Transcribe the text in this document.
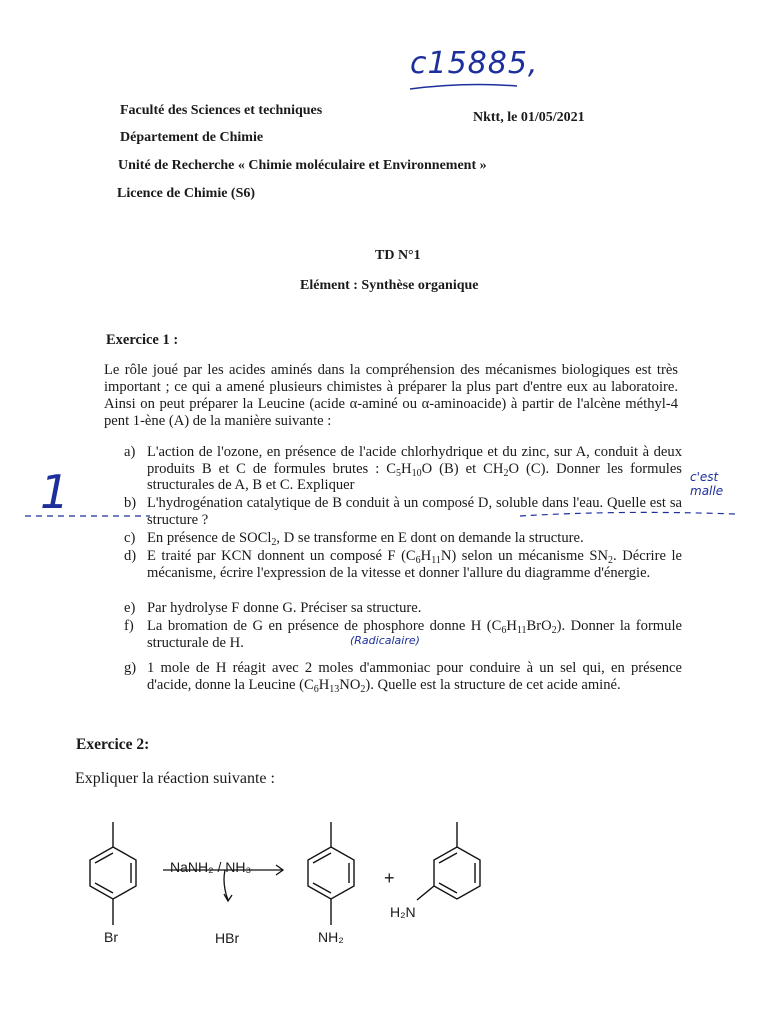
c15885,
Faculté des Sciences et techniques	Nktt, le 01/05/2021
Département de Chimie
Unité de Recherche « Chimie moléculaire et Environnement »
Licence de Chimie (S6)
TD N°1
Elément : Synthèse organique
Exercice 1 :
Le rôle joué par les acides aminés dans la compréhension des mécanismes biologiques est très important ; ce qui a amené plusieurs chimistes à préparer la plus part d'entre eux au laboratoire. Ainsi on peut préparer la Leucine (acide α-aminé ou α-aminoacide) à partir de l'alcène méthyl-4 pent 1-ène (A) de la manière suivante :
a) L'action de l'ozone, en présence de l'acide chlorhydrique et du zinc, sur A, conduit à deux produits B et C de formules brutes : $C_5H_{10}O$ (B) et $CH_2O$ (C). Donner les formules structurales de A, B et C. Expliquer
b) L'hydrogénation catalytique de B conduit à un composé D, soluble dans l'eau. Quelle est sa structure ?
c) En présence de SOCl$_2$, D se transforme en E dont on demande la structure.
d) E traité par KCN donnent un composé F $(C_6H_{11}N)$ selon un mécanisme $SN_2$. Décrire le mécanisme, écrire l'expression de la vitesse et donner l'allure du diagramme d'énergie.
e) Par hydrolyse F donne G. Préciser sa structure.
f) La bromation de G en présence de phosphore donne H $(C_6H_{11}BrO_2)$. Donner la formule structurale de H.
g) 1 mole de H réagit avec 2 moles d'ammoniac pour conduire à un sel qui, en présence d'acide, donne la Leucine $(C_6H_{13}NO_2)$. Quelle est la structure de cet acide aminé.
1	c'est malle
(Radicalaire)
Exercice 2:
Expliquer la réaction suivante :
NaNH₂ / NH₃
HBr
Br	NH₂
+
H₂N
